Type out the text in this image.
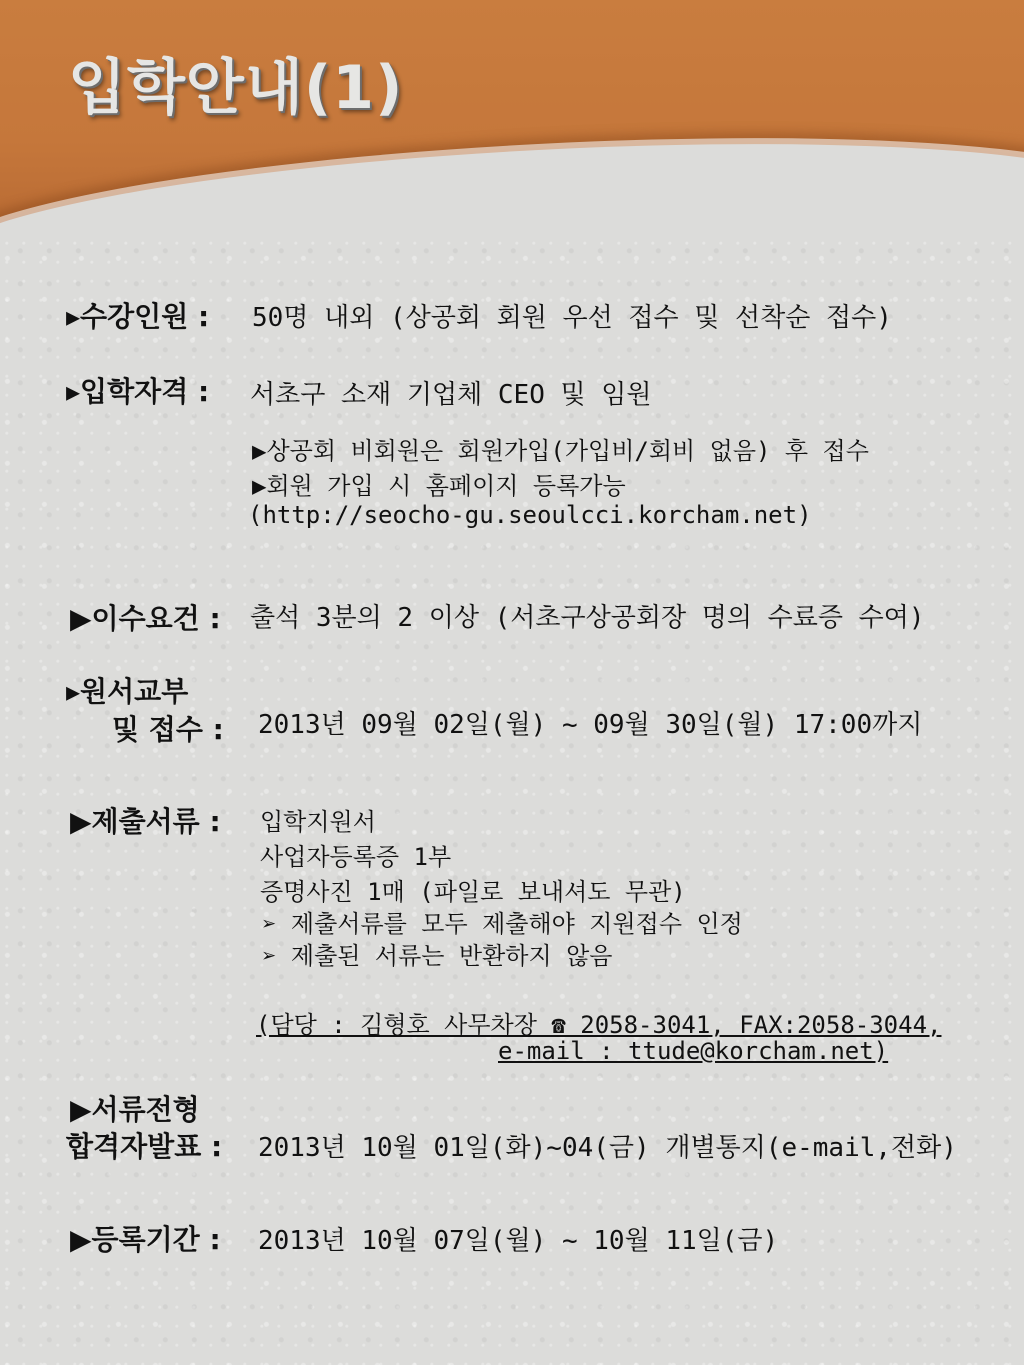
입학안내(1)
▸수강인원 : 50명 내외 (상공회 회원 우선 접수 및 선착순 접수)
▸입학자격 : 서초구 소재 기업체 CEO 및 임원
▶상공회 비회원은 회원가입(가입비/회비 없음) 후 접수
▶회원 가입 시 홈페이지 등록가능
(http://seocho-gu.seoulcci.korcham.net)
▶이수요건 : 출석 3분의 2 이상 (서초구상공회장 명의 수료증 수여)
▸원서교부
및 접수 : 2013년 09월 02일(월) ~ 09월 30일(월) 17:00까지
▶제출서류 : 입학지원서
사업자등록증 1부
증명사진 1매 (파일로 보내셔도 무관)
➢ 제출서류를 모두 제출해야 지원접수 인정
➢ 제출된 서류는 반환하지 않음
(담당 : 김형호 사무차장 ☎ 2058-3041, FAX:2058-3044,
e-mail : ttude@korcham.net)
▶서류전형
합격자발표 : 2013년 10월 01일(화)~04(금) 개별통지(e-mail,전화)
▶등록기간 : 2013년 10월 07일(월) ~ 10월 11일(금)
